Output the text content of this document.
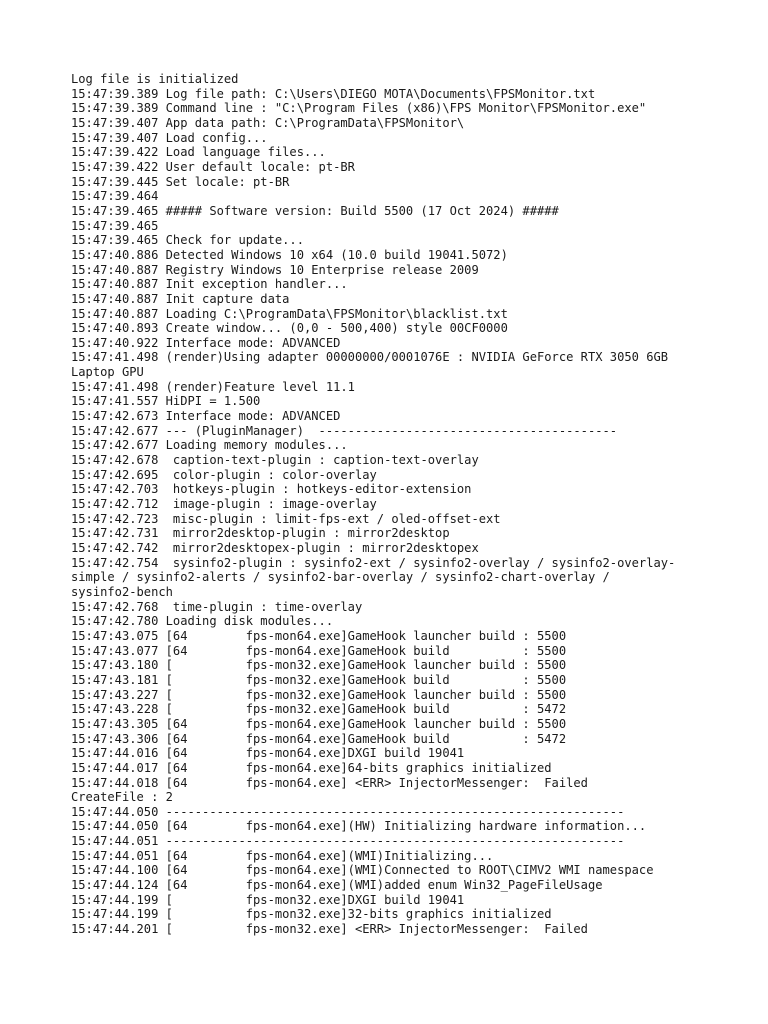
Log file is initialized
15:47:39.389 Log file path: C:\Users\DIEGO MOTA\Documents\FPSMonitor.txt
15:47:39.389 Command line : "C:\Program Files (x86)\FPS Monitor\FPSMonitor.exe"
15:47:39.407 App data path: C:\ProgramData\FPSMonitor\
15:47:39.407 Load config...
15:47:39.422 Load language files...
15:47:39.422 User default locale: pt-BR
15:47:39.445 Set locale: pt-BR
15:47:39.464
15:47:39.465 ##### Software version: Build 5500 (17 Oct 2024) #####
15:47:39.465
15:47:39.465 Check for update...
15:47:40.886 Detected Windows 10 x64 (10.0 build 19041.5072)
15:47:40.887 Registry Windows 10 Enterprise release 2009
15:47:40.887 Init exception handler...
15:47:40.887 Init capture data
15:47:40.887 Loading C:\ProgramData\FPSMonitor\blacklist.txt
15:47:40.893 Create window... (0,0 - 500,400) style 00CF0000
15:47:40.922 Interface mode: ADVANCED
15:47:41.498 (render)Using adapter 00000000/0001076E : NVIDIA GeForce RTX 3050 6GB
Laptop GPU
15:47:41.498 (render)Feature level 11.1
15:47:41.557 HiDPI = 1.500
15:47:42.673 Interface mode: ADVANCED
15:47:42.677 --- (PluginManager)  -----------------------------------------
15:47:42.677 Loading memory modules...
15:47:42.678  caption-text-plugin : caption-text-overlay
15:47:42.695  color-plugin : color-overlay
15:47:42.703  hotkeys-plugin : hotkeys-editor-extension
15:47:42.712  image-plugin : image-overlay
15:47:42.723  misc-plugin : limit-fps-ext / oled-offset-ext
15:47:42.731  mirror2desktop-plugin : mirror2desktop
15:47:42.742  mirror2desktopex-plugin : mirror2desktopex
15:47:42.754  sysinfo2-plugin : sysinfo2-ext / sysinfo2-overlay / sysinfo2-overlay-
simple / sysinfo2-alerts / sysinfo2-bar-overlay / sysinfo2-chart-overlay /
sysinfo2-bench
15:47:42.768  time-plugin : time-overlay
15:47:42.780 Loading disk modules...
15:47:43.075 [64        fps-mon64.exe]GameHook launcher build : 5500
15:47:43.077 [64        fps-mon64.exe]GameHook build          : 5500
15:47:43.180 [          fps-mon32.exe]GameHook launcher build : 5500
15:47:43.181 [          fps-mon32.exe]GameHook build          : 5500
15:47:43.227 [          fps-mon32.exe]GameHook launcher build : 5500
15:47:43.228 [          fps-mon32.exe]GameHook build          : 5472
15:47:43.305 [64        fps-mon64.exe]GameHook launcher build : 5500
15:47:43.306 [64        fps-mon64.exe]GameHook build          : 5472
15:47:44.016 [64        fps-mon64.exe]DXGI build 19041
15:47:44.017 [64        fps-mon64.exe]64-bits graphics initialized
15:47:44.018 [64        fps-mon64.exe] <ERR> InjectorMessenger:  Failed
CreateFile : 2
15:47:44.050 ---------------------------------------------------------------
15:47:44.050 [64        fps-mon64.exe](HW) Initializing hardware information...
15:47:44.051 ---------------------------------------------------------------
15:47:44.051 [64        fps-mon64.exe](WMI)Initializing...
15:47:44.100 [64        fps-mon64.exe](WMI)Connected to ROOT\CIMV2 WMI namespace
15:47:44.124 [64        fps-mon64.exe](WMI)added enum Win32_PageFileUsage
15:47:44.199 [          fps-mon32.exe]DXGI build 19041
15:47:44.199 [          fps-mon32.exe]32-bits graphics initialized
15:47:44.201 [          fps-mon32.exe] <ERR> InjectorMessenger:  Failed
